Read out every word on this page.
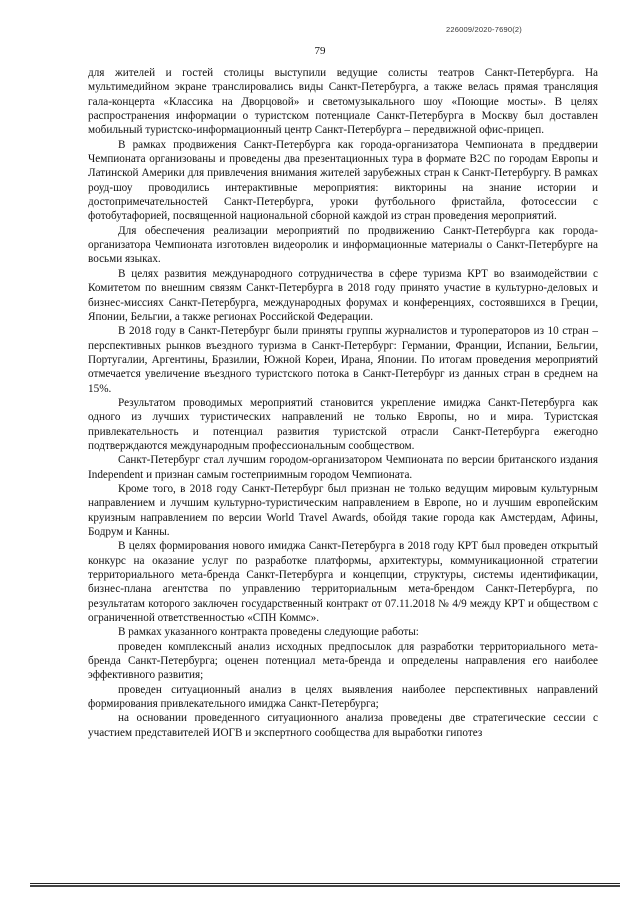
226009/2020-7690(2)
79

для жителей и гостей столицы выступили ведущие солисты театров Санкт-Петербурга. На мультимедийном экране транслировались виды Санкт-Петербурга, а также велась прямая трансляция гала-концерта «Классика на Дворцовой» и светомузыкального шоу «Поющие мосты». В целях распространения информации о туристском потенциале Санкт-Петербурга в Москву был доставлен мобильный туристско-информационный центр Санкт-Петербурга – передвижной офис-прицеп.

В рамках продвижения Санкт-Петербурга как города-организатора Чемпионата в преддверии Чемпионата организованы и проведены два презентационных тура в формате B2C по городам Европы и Латинской Америки для привлечения внимания жителей зарубежных стран к Санкт-Петербургу. В рамках роуд-шоу проводились интерактивные мероприятия: викторины на знание истории и достопримечательностей Санкт-Петербурга, уроки футбольного фристайла, фотосессии с фотобутафорией, посвященной национальной сборной каждой из стран проведения мероприятий.

Для обеспечения реализации мероприятий по продвижению Санкт-Петербурга как города-организатора Чемпионата изготовлен видеоролик и информационные материалы о Санкт-Петербурге на восьми языках.

В целях развития международного сотрудничества в сфере туризма КРТ во взаимодействии с Комитетом по внешним связям Санкт-Петербурга в 2018 году принято участие в культурно-деловых и бизнес-миссиях Санкт-Петербурга, международных форумах и конференциях, состоявшихся в Греции, Японии, Бельгии, а также регионах Российской Федерации.

В 2018 году в Санкт-Петербург были приняты группы журналистов и туроператоров из 10 стран – перспективных рынков въездного туризма в Санкт-Петербург: Германии, Франции, Испании, Бельгии, Португалии, Аргентины, Бразилии, Южной Кореи, Ирана, Японии. По итогам проведения мероприятий отмечается увеличение въездного туристского потока в Санкт-Петербург из данных стран в среднем на 15%.

Результатом проводимых мероприятий становится укрепление имиджа Санкт-Петербурга как одного из лучших туристических направлений не только Европы, но и мира. Туристская привлекательность и потенциал развития туристской отрасли Санкт-Петербурга ежегодно подтверждаются международным профессиональным сообществом.

Санкт-Петербург стал лучшим городом-организатором Чемпионата по версии британского издания Independent и признан самым гостеприимным городом Чемпионата.

Кроме того, в 2018 году Санкт-Петербург был признан не только ведущим мировым культурным направлением и лучшим культурно-туристическим направлением в Европе, но и лучшим европейским круизным направлением по версии World Travel Awards, обойдя такие города как Амстердам, Афины, Бодрум и Канны.

В целях формирования нового имиджа Санкт-Петербурга в 2018 году КРТ был проведен открытый конкурс на оказание услуг по разработке платформы, архитектуры, коммуникационной стратегии территориального мета-бренда Санкт-Петербурга и концепции, структуры, системы идентификации, бизнес-плана агентства по управлению территориальным мета-брендом Санкт-Петербурга, по результатам которого заключен государственный контракт от 07.11.2018 № 4/9 между КРТ и обществом с ограниченной ответственностью «СПН Коммс».

В рамках указанного контракта проведены следующие работы:

проведен комплексный анализ исходных предпосылок для разработки территориального мета-бренда Санкт-Петербурга; оценен потенциал мета-бренда и определены направления его наиболее эффективного развития;

проведен ситуационный анализ в целях выявления наиболее перспективных направлений формирования привлекательного имиджа Санкт-Петербурга;

на основании проведенного ситуационного анализа проведены две стратегические сессии с участием представителей ИОГВ и экспертного сообщества для выработки гипотез
